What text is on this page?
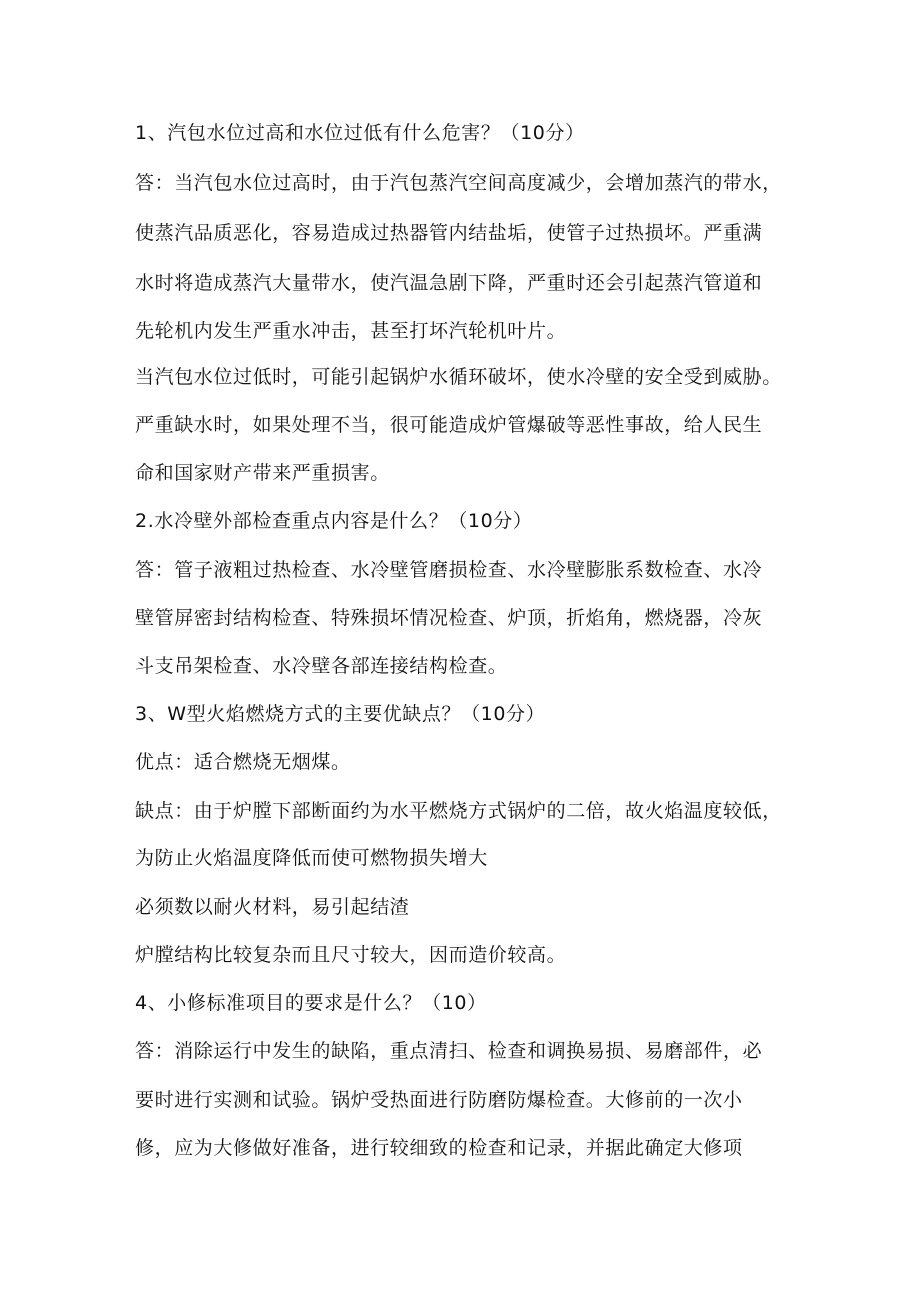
1、汽包水位过高和水位过低有什么危害？（10分）
答：当汽包水位过高时，由于汽包蒸汽空间高度减少，会增加蒸汽的带水，
使蒸汽品质恶化，容易造成过热器管内结盐垢，使管子过热损坏。严重满
水时将造成蒸汽大量带水，使汽温急剧下降，严重时还会引起蒸汽管道和
先轮机内发生严重水冲击，甚至打坏汽轮机叶片。
当汽包水位过低时，可能引起锅炉水循环破坏，使水冷壁的安全受到威胁。
严重缺水时，如果处理不当，很可能造成炉管爆破等恶性事故，给人民生
命和国家财产带来严重损害。
2.水冷壁外部检查重点内容是什么？（10分）
答：管子液粗过热检查、水冷壁管磨损检查、水冷壁膨胀系数检查、水冷
壁管屏密封结构检查、特殊损坏情况检查、炉顶，折焰角，燃烧器，冷灰
斗支吊架检查、水冷壁各部连接结构检查。
3、W型火焰燃烧方式的主要优缺点？（10分）
优点：适合燃烧无烟煤。
缺点：由于炉膛下部断面约为水平燃烧方式锅炉的二倍，故火焰温度较低，
为防止火焰温度降低而使可燃物损失增大
必须数以耐火材料，易引起结渣
炉膛结构比较复杂而且尺寸较大，因而造价较高。
4、小修标准项目的要求是什么？（10）
答：消除运行中发生的缺陷，重点清扫、检查和调换易损、易磨部件，必
要时进行实测和试验。锅炉受热面进行防磨防爆检查。大修前的一次小
修，应为大修做好准备，进行较细致的检查和记录，并据此确定大修项
